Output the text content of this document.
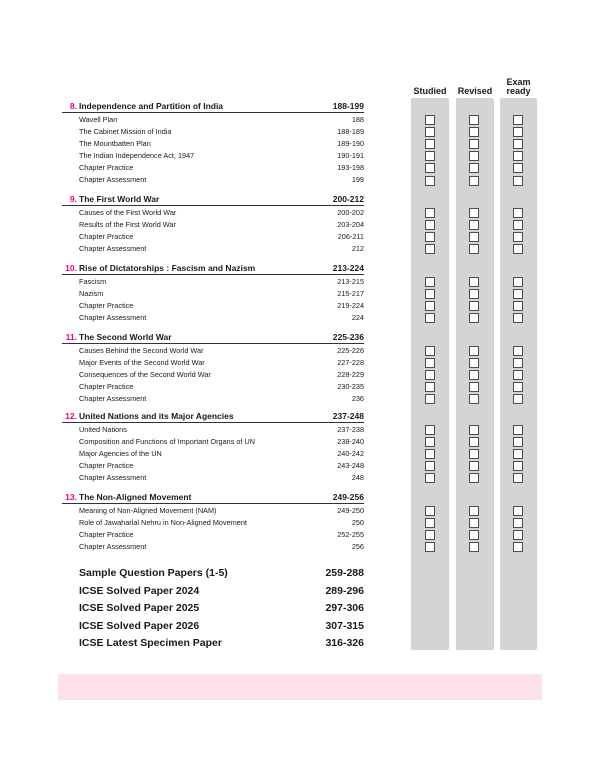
Studied	Revised
Exam
ready
8. Independence and Partition of India	188-199
Wavell Plan	188
The Cabinet Mission of India	188-189
The Mountbatten Plan	189-190
The Indian Independence Act, 1947	190-191
Chapter Practice	193-198
Chapter Assessment	199
9. The First World War	200-212
Causes of the First World War	200-202
Results of the First World War	203-204
Chapter Practice	206-211
Chapter Assessment	212
10. Rise of Dictatorships : Fascism and Nazism	213-224
Fascism	213-215
Nazism	215-217
Chapter Practice	219-224
Chapter Assessment	224
11. The Second World War	225-236
Causes Behind the Second World War	225-226
Major Events of the Second World War	227-228
Consequences of the Second World War	228-229
Chapter Practice	230-235
Chapter Assessment	236
12. United Nations and its Major Agencies	237-248
United Nations	237-238
Composition and Functions of Important Organs of UN	238-240
Major Agencies of the UN	240-242
Chapter Practice	243-248
Chapter Assessment	248
13. The Non-Aligned Movement	249-256
Meaning of Non-Aligned Movement (NAM)	249-250
Role of Jawaharlal Nehru in Non-Aligned Movement	250
Chapter Practice	252-255
Chapter Assessment	256
Sample Question Papers (1-5)	259-288
ICSE Solved Paper 2024	289-296
ICSE Solved Paper 2025	297-306
ICSE Solved Paper 2026	307-315
ICSE Latest Specimen Paper	316-326
